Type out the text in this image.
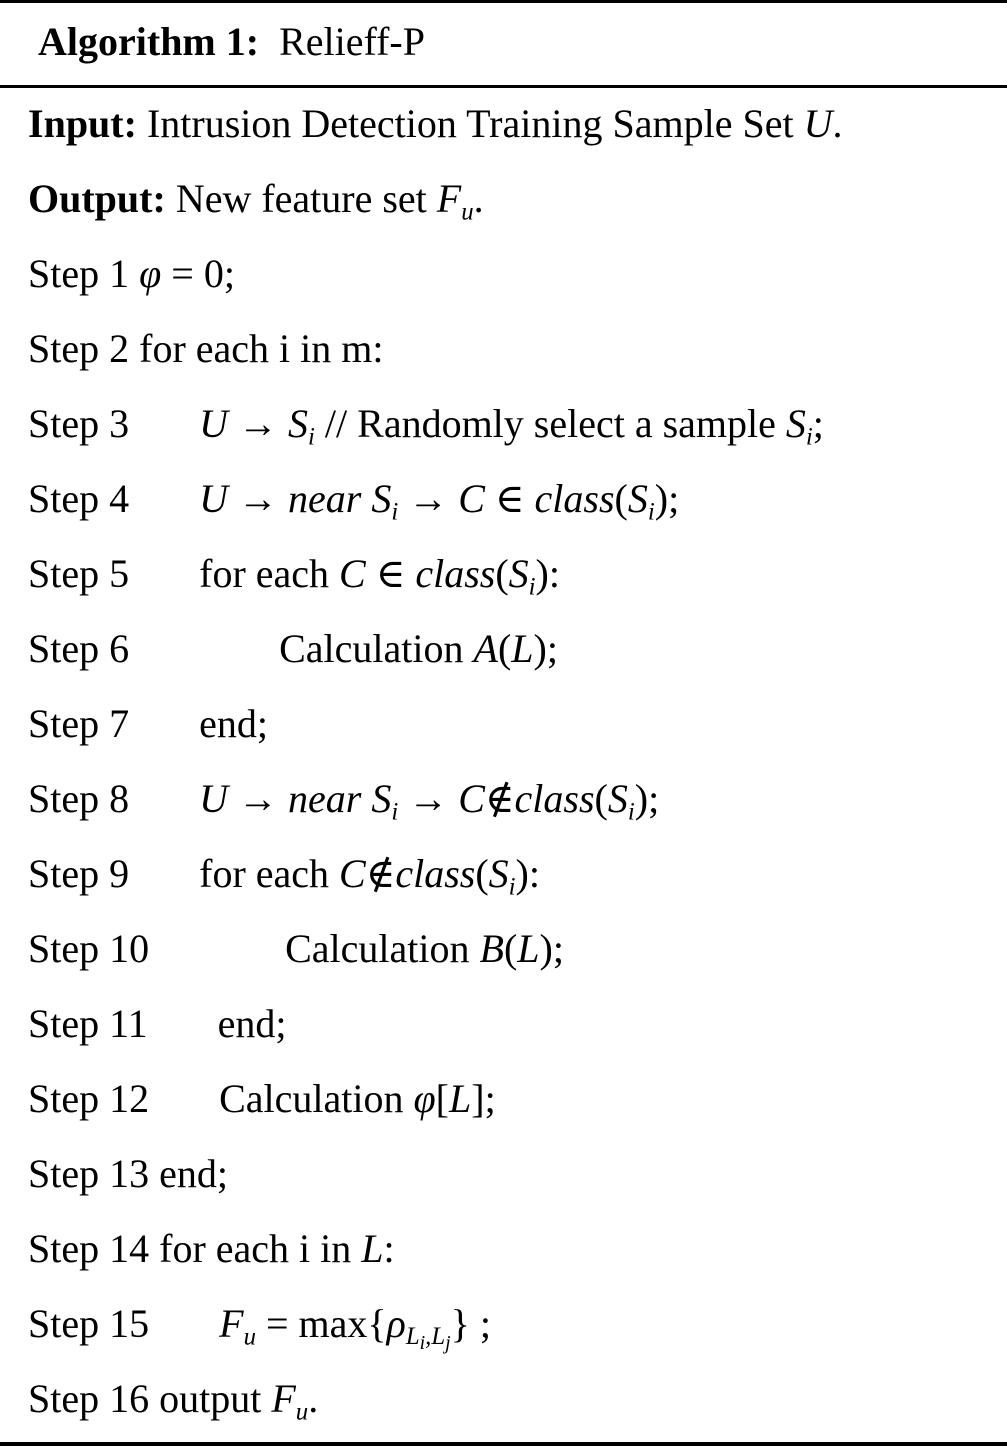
Algorithm 1: Relieff-P
Input: Intrusion Detection Training Sample Set U.
Output: New feature set $F_u$.
Step 1 φ = 0;
Step 2 for each i in m:
Step 3 $U \to S_i$ // Randomly select a sample $S_i$;
Step 4 U → near $S_i \to C$ ∈ $class(S_i)$;
Step 5 for each C ∈ $class(S_i)$:
Step 6	Calculation A(L);
Step 7 end;
Step 8 U → near $S_i$ → $C\notin class(S_i)$;
Step 9 for each $C\notin class(S_i)$:
Step 10	Calculation B(L);
Step 11 end;
Step 12 Calculation φ[L];
Step 13 end;
Step 14 for each i in L:
Step 15 $F_u = \max\{\rho_{L_i,L_j}\}$ ;
Step 16 output $F_u$.
